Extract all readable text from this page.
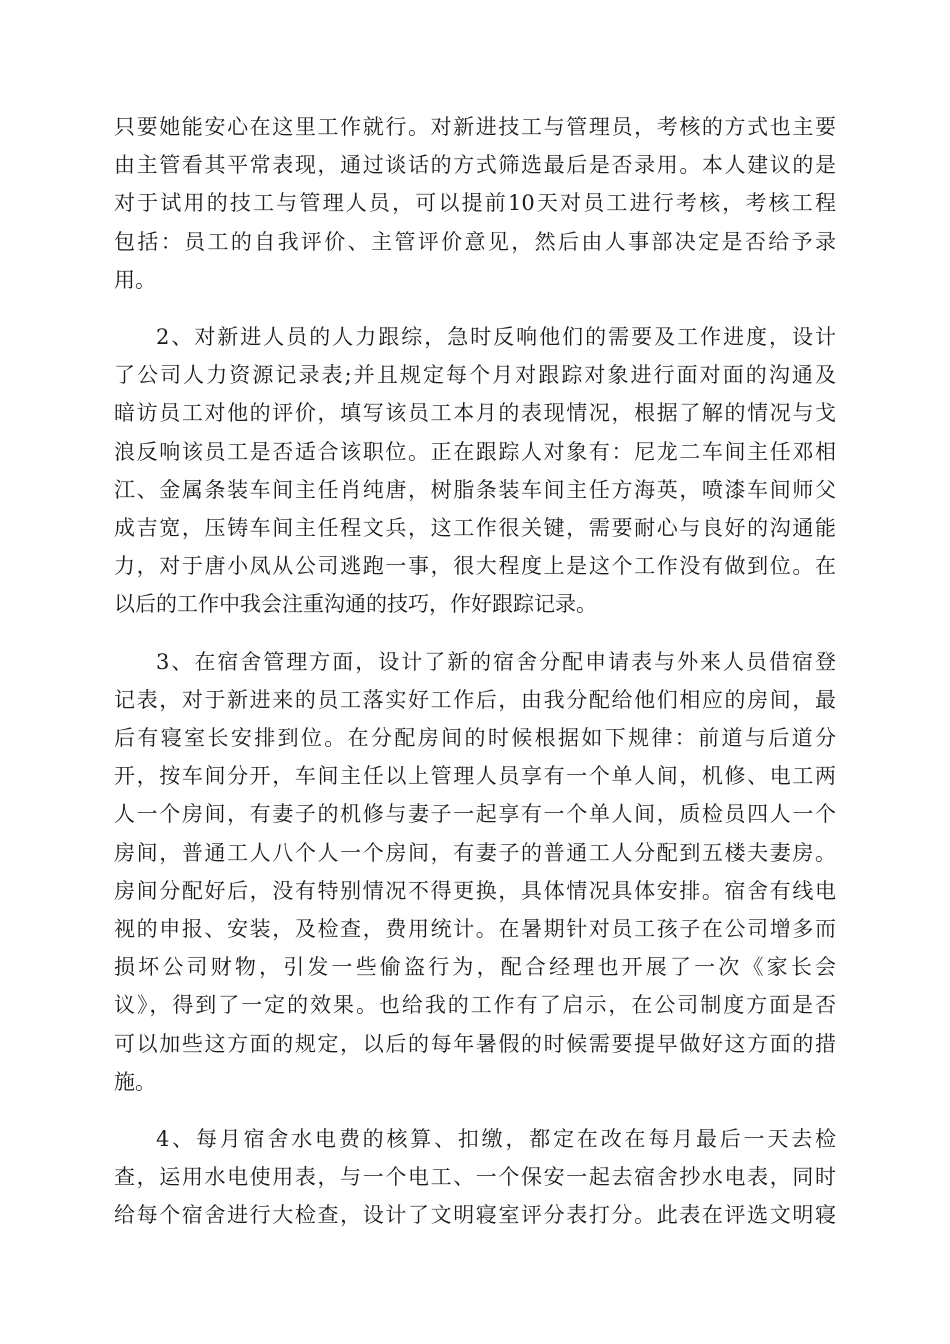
只要她能安心在这里工作就行。对新进技工与管理员，考核的方式也主要
由主管看其平常表现，通过谈话的方式筛选最后是否录用。本人建议的是
对于试用的技工与管理人员，可以提前10天对员工进行考核，考核工程
包括：员工的自我评价、主管评价意见，然后由人事部决定是否给予录
用。
2、对新进人员的人力跟综，急时反响他们的需要及工作进度，设计
了公司人力资源记录表;并且规定每个月对跟踪对象进行面对面的沟通及
暗访员工对他的评价，填写该员工本月的表现情况，根据了解的情况与戈
浪反响该员工是否适合该职位。正在跟踪人对象有：尼龙二车间主任邓相
江、金属条装车间主任肖纯唐，树脂条装车间主任方海英，喷漆车间师父
成吉宽，压铸车间主任程文兵，这工作很关键，需要耐心与良好的沟通能
力，对于唐小凤从公司逃跑一事，很大程度上是这个工作没有做到位。在
以后的工作中我会注重沟通的技巧，作好跟踪记录。
3、在宿舍管理方面，设计了新的宿舍分配申请表与外来人员借宿登
记表，对于新进来的员工落实好工作后，由我分配给他们相应的房间，最
后有寝室长安排到位。在分配房间的时候根据如下规律：前道与后道分
开，按车间分开，车间主任以上管理人员享有一个单人间，机修、电工两
人一个房间，有妻子的机修与妻子一起享有一个单人间，质检员四人一个
房间，普通工人八个人一个房间，有妻子的普通工人分配到五楼夫妻房。
房间分配好后，没有特别情况不得更换，具体情况具体安排。宿舍有线电
视的申报、安装，及检查，费用统计。在暑期针对员工孩子在公司增多而
损坏公司财物，引发一些偷盗行为，配合经理也开展了一次《家长会
议》，得到了一定的效果。也给我的工作有了启示，在公司制度方面是否
可以加些这方面的规定，以后的每年暑假的时候需要提早做好这方面的措
施。
4、每月宿舍水电费的核算、扣缴，都定在改在每月最后一天去检
查，运用水电使用表，与一个电工、一个保安一起去宿舍抄水电表，同时
给每个宿舍进行大检查，设计了文明寝室评分表打分。此表在评选文明寝
